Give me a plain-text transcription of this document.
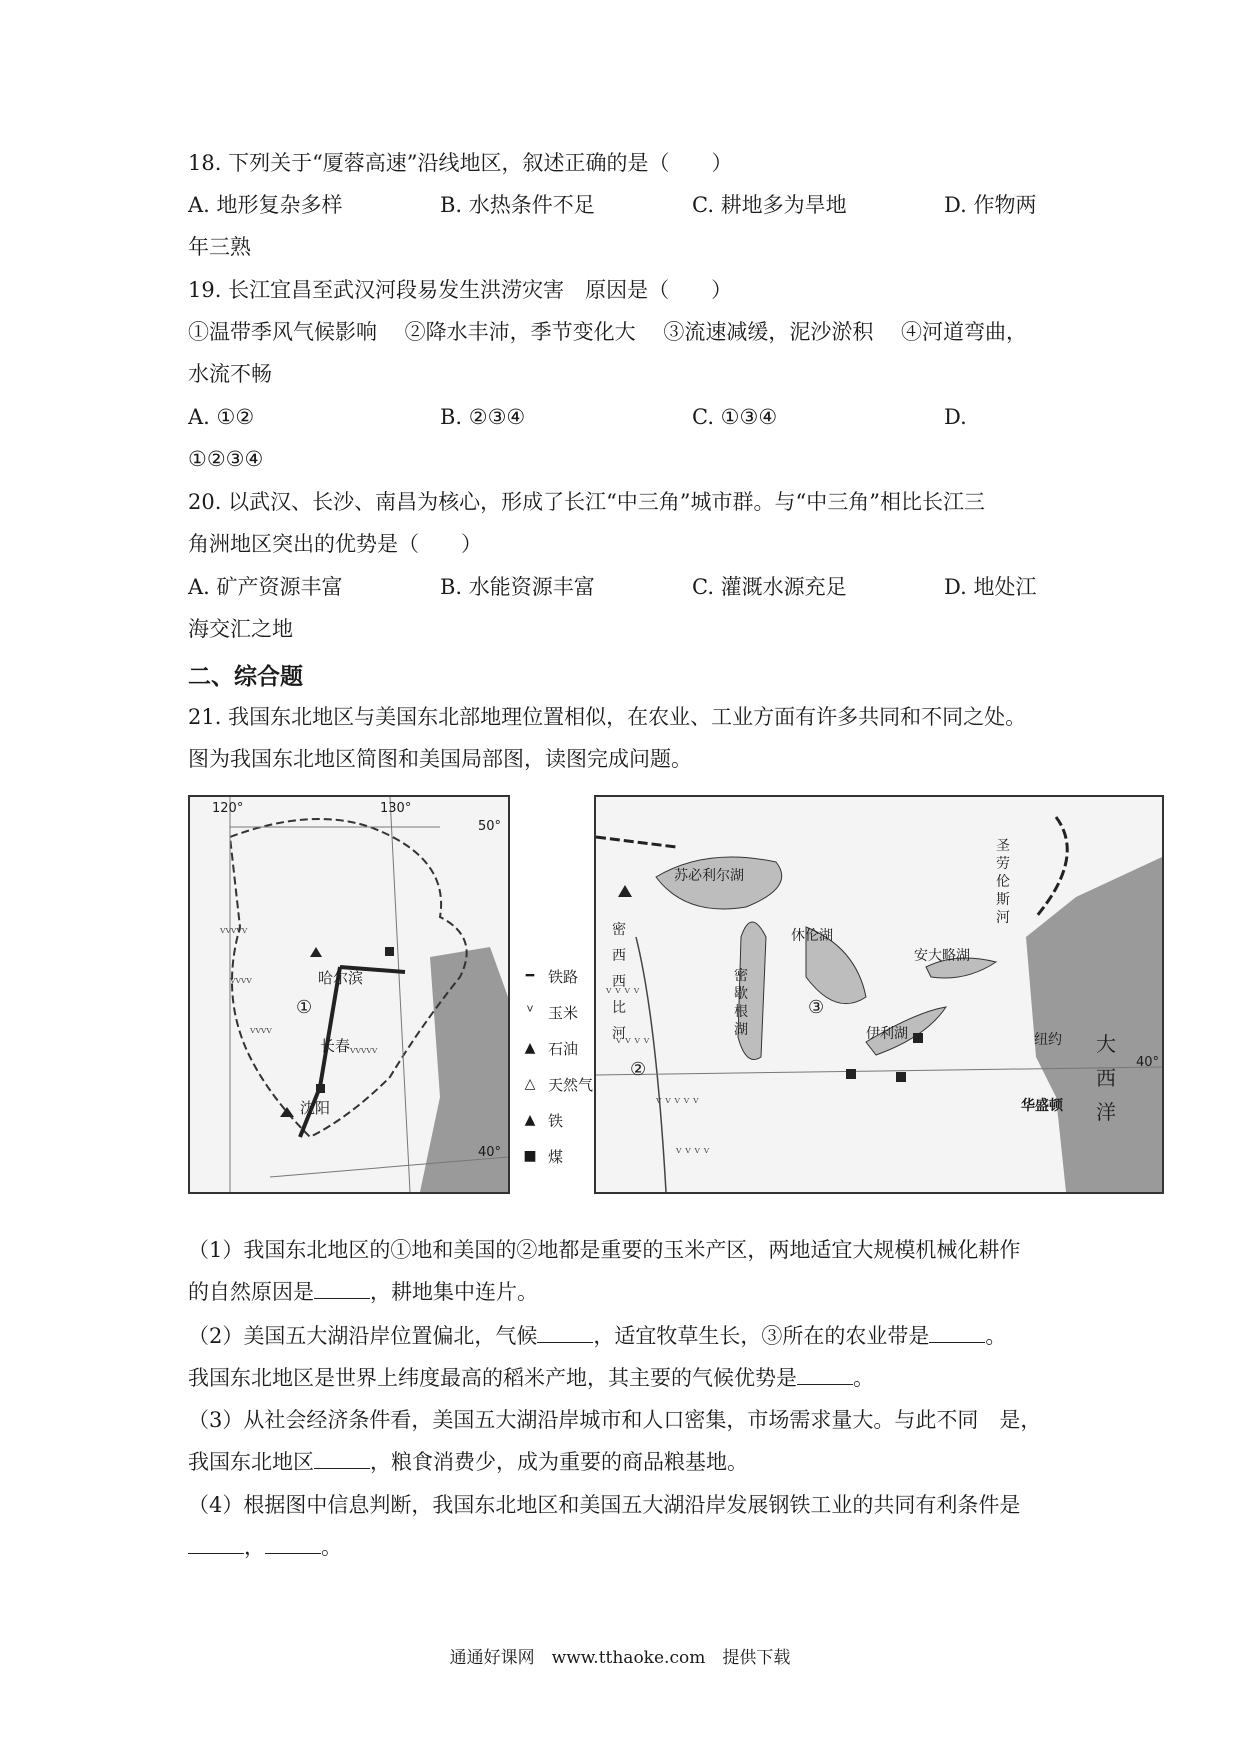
18. 下列关于“厦蓉高速”沿线地区，叙述正确的是（　　）
A. 地形复杂多样	B. 水热条件不足	C. 耕地多为旱地	D. 作物两
年三熟
19. 长江宜昌至武汉河段易发生洪涝灾害　原因是（　　）
①温带季风气候影响　 ②降水丰沛，季节变化大　 ③流速减缓，泥沙淤积　 ④河道弯曲，
水流不畅
A. ①②	B. ②③④	C. ①③④	D.
①②③④
20. 以武汉、长沙、南昌为核心，形成了长江“中三角”城市群。与“中三角”相比长江三
角洲地区突出的优势是（　　）
A. 矿产资源丰富	B. 水能资源丰富	C. 灌溉水源充足	D. 地处江
海交汇之地
二、综合题
21. 我国东北地区与美国东北部地理位置相似，在农业、工业方面有许多共同和不同之处。
图为我国东北地区简图和美国局部图，读图完成问题。
ⱽⱽⱽⱽⱽ
ⱽⱽⱽⱽ
ⱽⱽⱽⱽ
ⱽⱽⱽⱽⱽ
120°	130°
50°
40°
哈尔滨
长春
沈阳
①
━ 铁路
ⱽ 玉米
▲ 石油
△ 天然气
▲ 铁
■ 煤
ⱽ ⱽ ⱽ ⱽ
ⱽ ⱽ ⱽ ⱽ
ⱽ ⱽ ⱽ ⱽ ⱽ
ⱽ ⱽ ⱽ ⱽ
苏必利尔湖
休伦湖
密歇根湖
安大略湖
伊利湖
圣劳伦斯河
密西西比河	纽约
华盛顿
大西洋
40°
②
③
（1）我国东北地区的①地和美国的②地都是重要的玉米产区，两地适宜大规模机械化耕作
的自然原因是	，耕地集中连片。
（2）美国五大湖沿岸位置偏北，气候	，适宜牧草生长，③所在的农业带是	。
我国东北地区是世界上纬度最高的稻米产地，其主要的气候优势是	。
（3）从社会经济条件看，美国五大湖沿岸城市和人口密集，市场需求量大。与此不同　是，
我国东北地区	，粮食消费少，成为重要的商品粮基地。
（4）根据图中信息判断，我国东北地区和美国五大湖沿岸发展钢铁工业的共同有利条件是
，	。
通通好课网　www.tthaoke.com　提供下载
